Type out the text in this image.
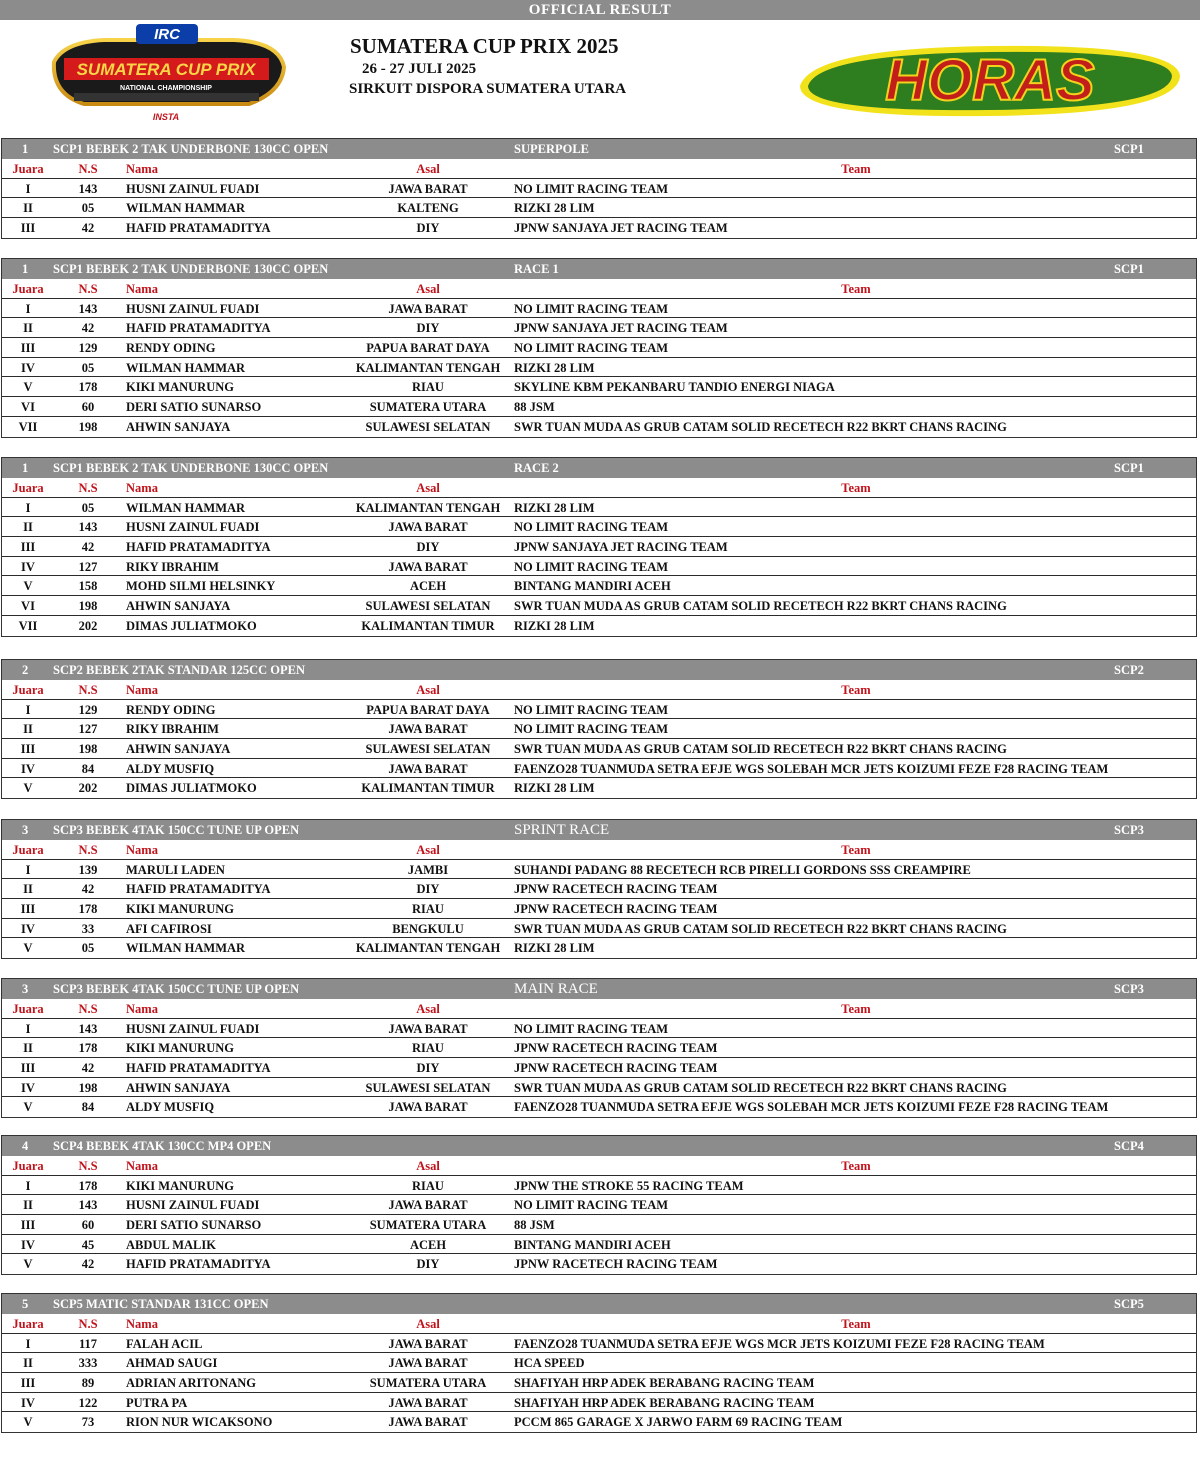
OFFICIAL RESULT
IRC
SUMATERA CUP PRIX
NATIONAL CHAMPIONSHIP
INSTA
SUMATERA CUP PRIX 2025
26 - 27 JULI 2025
SIRKUIT DISPORA SUMATERA UTARA	HORAS
1 SCP1 BEBEK 2 TAK UNDERBONE 130CC OPEN	SUPERPOLE	SCP1
Juara	N.S	Nama	Asal	Team
I	143	HUSNI ZAINUL FUADI	JAWA BARAT	NO LIMIT RACING TEAM
II	05	WILMAN HAMMAR	KALTENG	RIZKI 28 LIM
III	42	HAFID PRATAMADITYA	DIY	JPNW SANJAYA JET RACING TEAM
1 SCP1 BEBEK 2 TAK UNDERBONE 130CC OPEN	RACE 1	SCP1
Juara	N.S	Nama	Asal	Team
I	143	HUSNI ZAINUL FUADI	JAWA BARAT	NO LIMIT RACING TEAM
II	42	HAFID PRATAMADITYA	DIY	JPNW SANJAYA JET RACING TEAM
III	129	RENDY ODING	PAPUA BARAT DAYA	NO LIMIT RACING TEAM
IV	05	WILMAN HAMMAR	KALIMANTAN TENGAH	RIZKI 28 LIM
V	178	KIKI MANURUNG	RIAU	SKYLINE KBM PEKANBARU TANDIO ENERGI NIAGA
VI	60	DERI SATIO SUNARSO	SUMATERA UTARA	88 JSM
VII	198	AHWIN SANJAYA	SULAWESI SELATAN	SWR TUAN MUDA AS GRUB CATAM SOLID RECETECH R22 BKRT CHANS RACING
1 SCP1 BEBEK 2 TAK UNDERBONE 130CC OPEN	RACE 2	SCP1
Juara	N.S	Nama	Asal	Team
I	05	WILMAN HAMMAR	KALIMANTAN TENGAH	RIZKI 28 LIM
II	143	HUSNI ZAINUL FUADI	JAWA BARAT	NO LIMIT RACING TEAM
III	42	HAFID PRATAMADITYA	DIY	JPNW SANJAYA JET RACING TEAM
IV	127	RIKY IBRAHIM	JAWA BARAT	NO LIMIT RACING TEAM
V	158	MOHD SILMI HELSINKY	ACEH	BINTANG MANDIRI ACEH
VI	198	AHWIN SANJAYA	SULAWESI SELATAN	SWR TUAN MUDA AS GRUB CATAM SOLID RECETECH R22 BKRT CHANS RACING
VII	202	DIMAS JULIATMOKO	KALIMANTAN TIMUR	RIZKI 28 LIM
2 SCP2 BEBEK 2TAK STANDAR 125CC OPEN	SCP2
Juara	N.S	Nama	Asal	Team
I	129	RENDY ODING	PAPUA BARAT DAYA	NO LIMIT RACING TEAM
II	127	RIKY IBRAHIM	JAWA BARAT	NO LIMIT RACING TEAM
III	198	AHWIN SANJAYA	SULAWESI SELATAN	SWR TUAN MUDA AS GRUB CATAM SOLID RECETECH R22 BKRT CHANS RACING
IV	84	ALDY MUSFIQ	JAWA BARAT	FAENZO28 TUANMUDA SETRA EFJE WGS SOLEBAH MCR JETS KOIZUMI FEZE F28 RACING TEAM
V	202	DIMAS JULIATMOKO	KALIMANTAN TIMUR	RIZKI 28 LIM
3 SCP3 BEBEK 4TAK 150CC TUNE UP OPEN	SPRINT RACE	SCP3
Juara	N.S	Nama	Asal	Team
I	139	MARULI LADEN	JAMBI	SUHANDI PADANG 88 RECETECH RCB PIRELLI GORDONS SSS CREAMPIRE
II	42	HAFID PRATAMADITYA	DIY	JPNW RACETECH RACING TEAM
III	178	KIKI MANURUNG	RIAU	JPNW RACETECH RACING TEAM
IV	33	AFI CAFIROSI	BENGKULU	SWR TUAN MUDA AS GRUB CATAM SOLID RECETECH R22 BKRT CHANS RACING
V	05	WILMAN HAMMAR	KALIMANTAN TENGAH	RIZKI 28 LIM
3 SCP3 BEBEK 4TAK 150CC TUNE UP OPEN	MAIN RACE	SCP3
Juara	N.S	Nama	Asal	Team
I	143	HUSNI ZAINUL FUADI	JAWA BARAT	NO LIMIT RACING TEAM
II	178	KIKI MANURUNG	RIAU	JPNW RACETECH RACING TEAM
III	42	HAFID PRATAMADITYA	DIY	JPNW RACETECH RACING TEAM
IV	198	AHWIN SANJAYA	SULAWESI SELATAN	SWR TUAN MUDA AS GRUB CATAM SOLID RECETECH R22 BKRT CHANS RACING
V	84	ALDY MUSFIQ	JAWA BARAT	FAENZO28 TUANMUDA SETRA EFJE WGS SOLEBAH MCR JETS KOIZUMI FEZE F28 RACING TEAM
4 SCP4 BEBEK 4TAK 130CC MP4 OPEN	SCP4
Juara	N.S	Nama	Asal	Team
I	178	KIKI MANURUNG	RIAU	JPNW THE STROKE 55 RACING TEAM
II	143	HUSNI ZAINUL FUADI	JAWA BARAT	NO LIMIT RACING TEAM
III	60	DERI SATIO SUNARSO	SUMATERA UTARA	88 JSM
IV	45	ABDUL MALIK	ACEH	BINTANG MANDIRI ACEH
V	42	HAFID PRATAMADITYA	DIY	JPNW RACETECH RACING TEAM
5 SCP5 MATIC STANDAR 131CC OPEN	SCP5
Juara	N.S	Nama	Asal	Team
I	117	FALAH ACIL	JAWA BARAT	FAENZO28 TUANMUDA SETRA EFJE WGS MCR JETS KOIZUMI FEZE F28 RACING TEAM
II	333	AHMAD SAUGI	JAWA BARAT	HCA SPEED
III	89	ADRIAN ARITONANG	SUMATERA UTARA	SHAFIYAH HRP ADEK BERABANG RACING TEAM
IV	122	PUTRA PA	JAWA BARAT	SHAFIYAH HRP ADEK BERABANG RACING TEAM
V	73	RION NUR WICAKSONO	JAWA BARAT	PCCM 865 GARAGE X JARWO FARM 69 RACING TEAM
